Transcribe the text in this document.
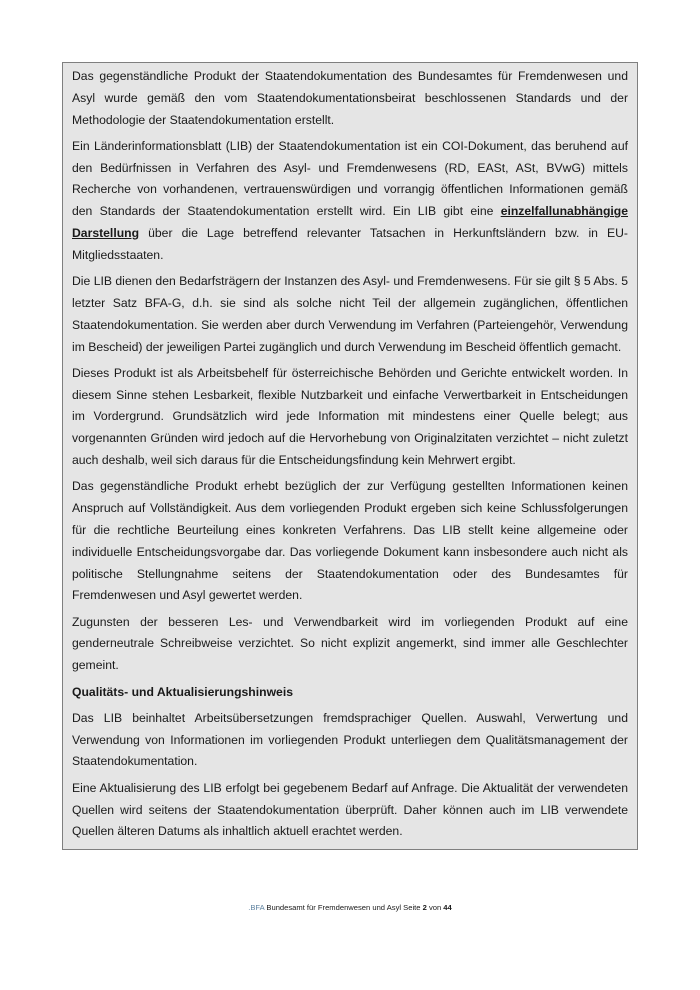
Das gegenständliche Produkt der Staatendokumentation des Bundesamtes für Fremdenwesen und Asyl wurde gemäß den vom Staatendokumentationsbeirat beschlossenen Standards und der Methodologie der Staatendokumentation erstellt.

Ein Länderinformationsblatt (LIB) der Staatendokumentation ist ein COI-Dokument, das beruhend auf den Bedürfnissen in Verfahren des Asyl- und Fremdenwesens (RD, EASt, ASt, BVwG) mittels Recherche von vorhandenen, vertrauenswürdigen und vorrangig öffentlichen Informationen gemäß den Standards der Staatendokumentation erstellt wird. Ein LIB gibt eine einzelfallunabhängige Darstellung über die Lage betreffend relevanter Tatsachen in Herkunftsländern bzw. in EU-Mitgliedsstaaten.

Die LIB dienen den Bedarfsträgern der Instanzen des Asyl- und Fremdenwesens. Für sie gilt § 5 Abs. 5 letzter Satz BFA-G, d.h. sie sind als solche nicht Teil der allgemein zugänglichen, öffentlichen Staatendokumentation. Sie werden aber durch Verwendung im Verfahren (Parteiengehör, Verwendung im Bescheid) der jeweiligen Partei zugänglich und durch Verwendung im Bescheid öffentlich gemacht.

Dieses Produkt ist als Arbeitsbehelf für österreichische Behörden und Gerichte entwickelt worden. In diesem Sinne stehen Lesbarkeit, flexible Nutzbarkeit und einfache Verwertbarkeit in Entscheidungen im Vordergrund. Grundsätzlich wird jede Information mit mindestens einer Quelle belegt; aus vorgenannten Gründen wird jedoch auf die Hervorhebung von Originalzitaten verzichtet – nicht zuletzt auch deshalb, weil sich daraus für die Entscheidungsfindung kein Mehrwert ergibt.

Das gegenständliche Produkt erhebt bezüglich der zur Verfügung gestellten Informationen keinen Anspruch auf Vollständigkeit. Aus dem vorliegenden Produkt ergeben sich keine Schlussfolgerungen für die rechtliche Beurteilung eines konkreten Verfahrens. Das LIB stellt keine allgemeine oder individuelle Entscheidungsvorgabe dar. Das vorliegende Dokument kann insbesondere auch nicht als politische Stellungnahme seitens der Staatendokumentation oder des Bundesamtes für Fremdenwesen und Asyl gewertet werden.

Zugunsten der besseren Les- und Verwendbarkeit wird im vorliegenden Produkt auf eine genderneutrale Schreibweise verzichtet. So nicht explizit angemerkt, sind immer alle Geschlechter gemeint.

Qualitäts- und Aktualisierungshinweis

Das LIB beinhaltet Arbeitsübersetzungen fremdsprachiger Quellen. Auswahl, Verwertung und Verwendung von Informationen im vorliegenden Produkt unterliegen dem Qualitätsmanagement der Staatendokumentation.

Eine Aktualisierung des LIB erfolgt bei gegebenem Bedarf auf Anfrage. Die Aktualität der verwendeten Quellen wird seitens der Staatendokumentation überprüft. Daher können auch im LIB verwendete Quellen älteren Datums als inhaltlich aktuell erachtet werden.

.BFA Bundesamt für Fremdenwesen und Asyl Seite 2 von 44
